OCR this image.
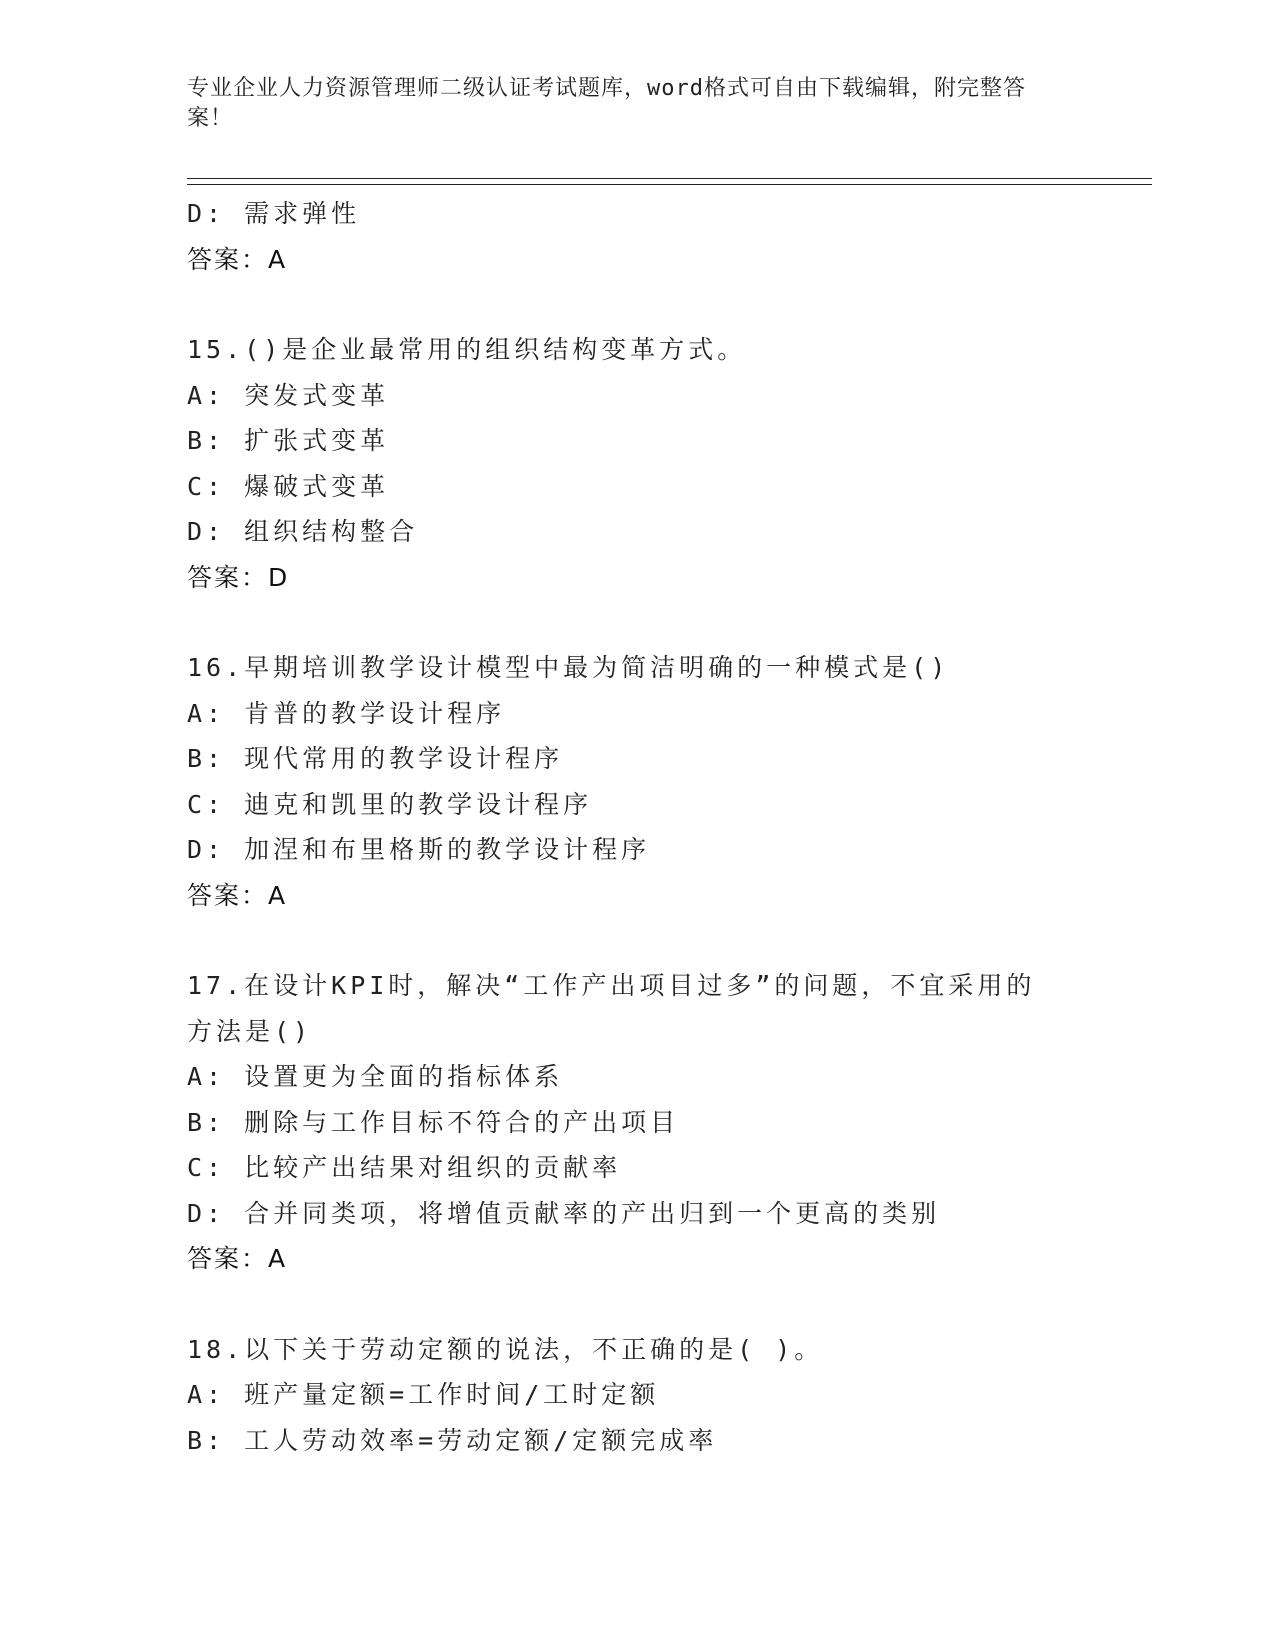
专业企业人力资源管理师二级认证考试题库，word格式可自由下载编辑，附完整答案！
D: 需求弹性
答案：A
15.()是企业最常用的组织结构变革方式。
A: 突发式变革
B: 扩张式变革
C: 爆破式变革
D: 组织结构整合
答案：D
16.早期培训教学设计模型中最为简洁明确的一种模式是()
A: 肯普的教学设计程序
B: 现代常用的教学设计程序
C: 迪克和凯里的教学设计程序
D: 加涅和布里格斯的教学设计程序
答案：A
17.在设计KPI时，解决“工作产出项目过多”的问题，不宜采用的方法是()
A: 设置更为全面的指标体系
B: 删除与工作目标不符合的产出项目
C: 比较产出结果对组织的贡献率
D: 合并同类项，将增值贡献率的产出归到一个更高的类别
答案：A
18.以下关于劳动定额的说法，不正确的是( )。
A: 班产量定额=工作时间/工时定额
B: 工人劳动效率=劳动定额/定额完成率
